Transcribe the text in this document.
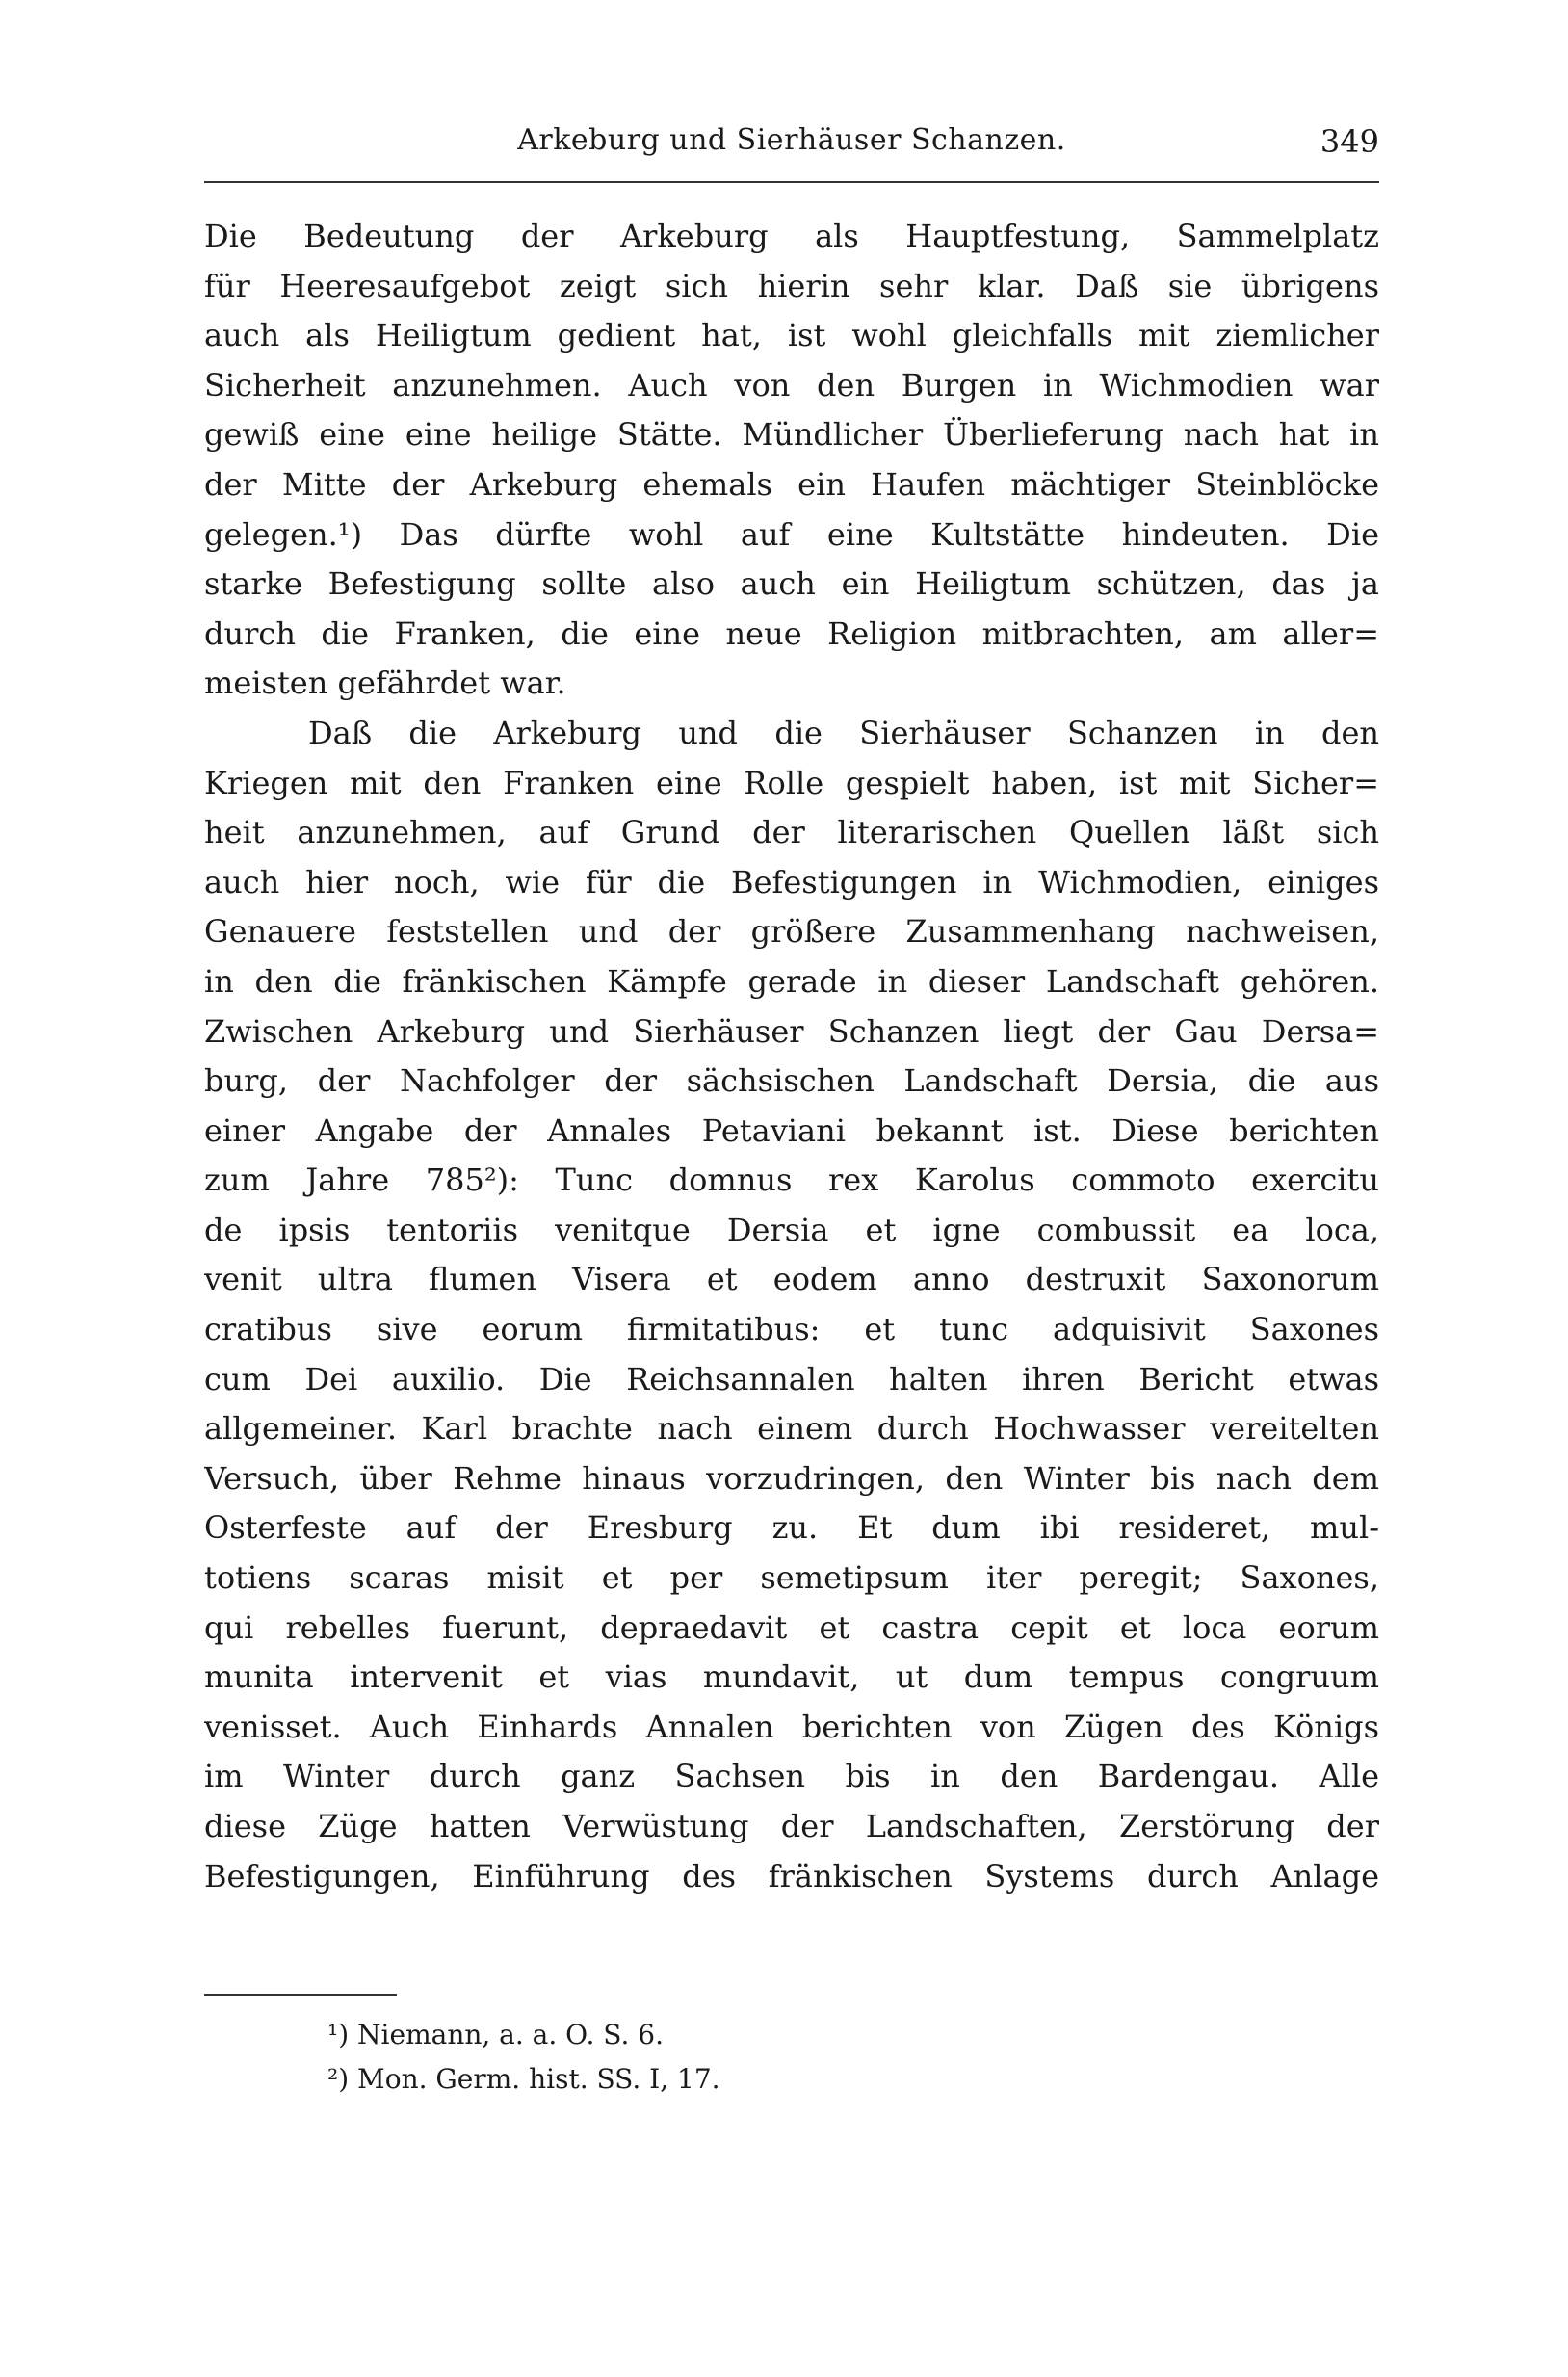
Arkeburg und Sierhäuser Schanzen.	349
Die Bedeutung der Arkeburg als Hauptfestung, Sammelplatz
für Heeresaufgebot zeigt sich hierin sehr klar. Daß sie übrigens
auch als Heiligtum gedient hat, ist wohl gleichfalls mit ziemlicher
Sicherheit anzunehmen. Auch von den Burgen in Wichmodien war
gewiß eine eine heilige Stätte. Mündlicher Überlieferung nach hat in
der Mitte der Arkeburg ehemals ein Haufen mächtiger Steinblöcke
gelegen.¹) Das dürfte wohl auf eine Kultstätte hindeuten. Die
starke Befestigung sollte also auch ein Heiligtum schützen, das ja
durch die Franken, die eine neue Religion mitbrachten, am aller=
meisten gefährdet war.
Daß die Arkeburg und die Sierhäuser Schanzen in den
Kriegen mit den Franken eine Rolle gespielt haben, ist mit Sicher=
heit anzunehmen, auf Grund der literarischen Quellen läßt sich
auch hier noch, wie für die Befestigungen in Wichmodien, einiges
Genauere feststellen und der größere Zusammenhang nachweisen,
in den die fränkischen Kämpfe gerade in dieser Landschaft gehören.
Zwischen Arkeburg und Sierhäuser Schanzen liegt der Gau Dersa=
burg, der Nachfolger der sächsischen Landschaft Dersia, die aus
einer Angabe der Annales Petaviani bekannt ist. Diese berichten
zum Jahre 785²): Tunc domnus rex Karolus commoto exercitu
de ipsis tentoriis venitque Dersia et igne combussit ea loca,
venit ultra flumen Visera et eodem anno destruxit Saxonorum
cratibus sive eorum firmitatibus: et tunc adquisivit Saxones
cum Dei auxilio. Die Reichsannalen halten ihren Bericht etwas
allgemeiner. Karl brachte nach einem durch Hochwasser vereitelten
Versuch, über Rehme hinaus vorzudringen, den Winter bis nach dem
Osterfeste auf der Eresburg zu. Et dum ibi resideret, mul-
totiens scaras misit et per semetipsum iter peregit; Saxones,
qui rebelles fuerunt, depraedavit et castra cepit et loca eorum
munita intervenit et vias mundavit, ut dum tempus congruum
venisset. Auch Einhards Annalen berichten von Zügen des Königs
im Winter durch ganz Sachsen bis in den Bardengau. Alle
diese Züge hatten Verwüstung der Landschaften, Zerstörung der
Befestigungen, Einführung des fränkischen Systems durch Anlage
¹) Niemann, a. a. O. S. 6.
²) Mon. Germ. hist. SS. I, 17.
